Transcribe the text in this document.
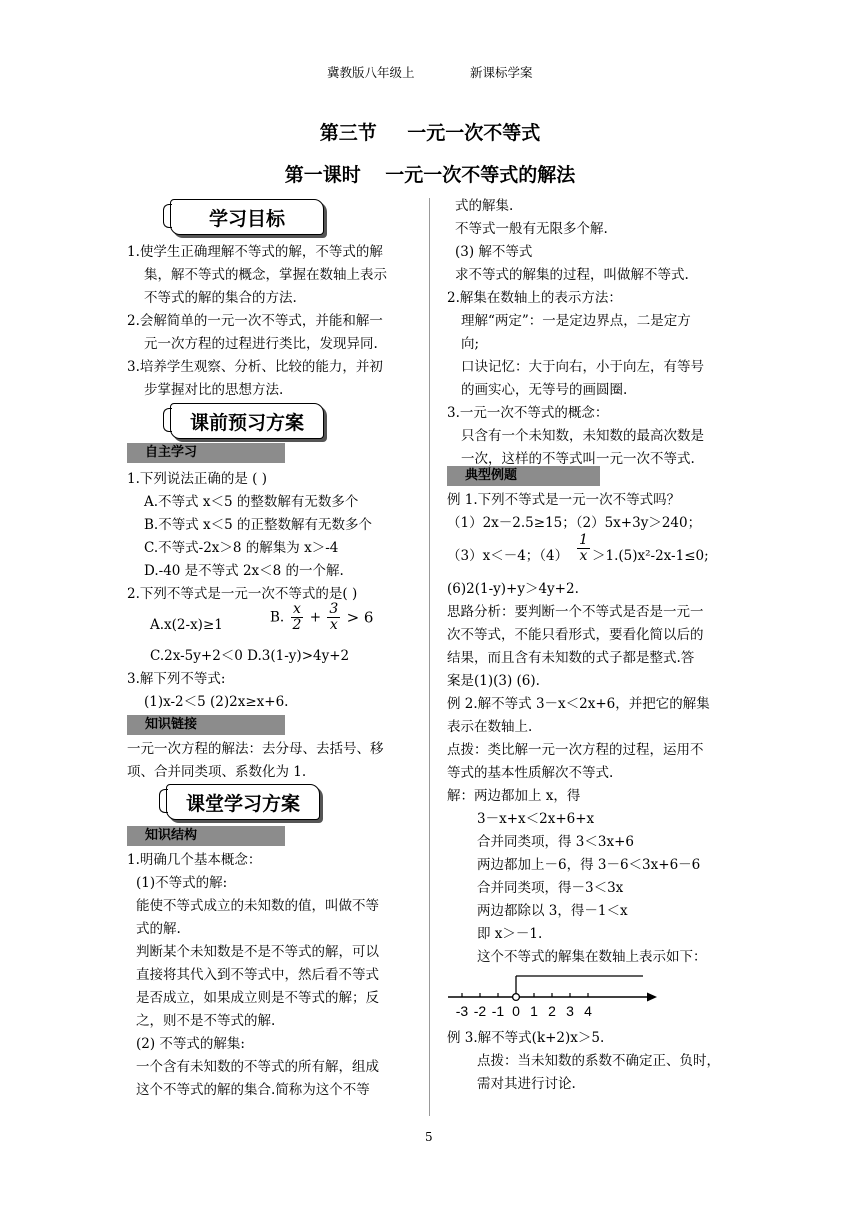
冀教版八年级上	新课标学案
第三节 一元一次不等式
第一课时 一元一次不等式的解法
学习目标
课前预习方案
课堂学习方案
自主学习
知识链接
知识结构
典型例题
1.使学生正确理解不等式的解，不等式的解
集，解不等式的概念，掌握在数轴上表示
不等式的解的集合的方法.
2.会解简单的一元一次不等式，并能和解一
元一次方程的过程进行类比，发现异同.
3.培养学生观察、分析、比较的能力，并初
步掌握对比的思想方法.
1.下列说法正确的是 ( )
A.不等式 x＜5 的整数解有无数多个
B.不等式 x＜5 的正整数解有无数多个
C.不等式-2x＞8 的解集为 x＞-4
D.-40 是不等式 2x＜8 的一个解.
2.下列不等式是一元一次不等式的是( )
A.x(2-x)≥1	B. $\frac{x}{2} + \frac{3}{x} > 6$
C.2x-5y+2＜0 D.3(1-y)>4y+2
3.解下列不等式:
(1)x-2＜5 (2)2x≥x+6.
一元一次方程的解法：去分母、去括号、移
项、合并同类项、系数化为 1.
1.明确几个基本概念：
(1)不等式的解:
能使不等式成立的未知数的值，叫做不等
式的解.
判断某个未知数是不是不等式的解，可以
直接将其代入到不等式中，然后看不等式
是否成立，如果成立则是不等式的解；反
之，则不是不等式的解.
(2) 不等式的解集:
一个含有未知数的不等式的所有解，组成
这个不等式的解的集合.简称为这个不等
式的解集.
不等式一般有无限多个解.
(3) 解不等式
求不等式的解集的过程，叫做解不等式.
2.解集在数轴上的表示方法：
理解“两定”：一是定边界点，二是定方
向;
口诀记忆：大于向右，小于向左，有等号
的画实心，无等号的画圆圈.
3.一元一次不等式的概念：
只含有一个未知数，未知数的最高次数是
一次，这样的不等式叫一元一次不等式.
例 1.下列不等式是一元一次不等式吗？
（1）2x－2.5≥15；（2）5x+3y＞240；
（3）x＜－4；$(4) \frac{1}{x} >1.(5)x^2-2x-1\le 0$;
(6)2(1-y)+y＞4y+2.
思路分析：要判断一个不等式是否是一元一
次不等式，不能只看形式，要看化简以后的
结果，而且含有未知数的式子都是整式.答
案是(1)(3) (6).
例 2.解不等式 3－x＜2x+6，并把它的解集
表示在数轴上.
点拨：类比解一元一次方程的过程，运用不
等式的基本性质解次不等式.
解：两边都加上 x，得
3－x+x＜2x+6+x
合并同类项，得 3＜3x+6
两边都加上－6，得 3－6＜3x+6－6
合并同类项，得－3＜3x
两边都除以 3，得－1＜x
即 x＞－1.
这个不等式的解集在数轴上表示如下：
-3 -2 -1 0 1 2 3 4
例 3.解不等式(k+2)x＞5.
点拨：当未知数的系数不确定正、负时，
需对其进行讨论.
5
